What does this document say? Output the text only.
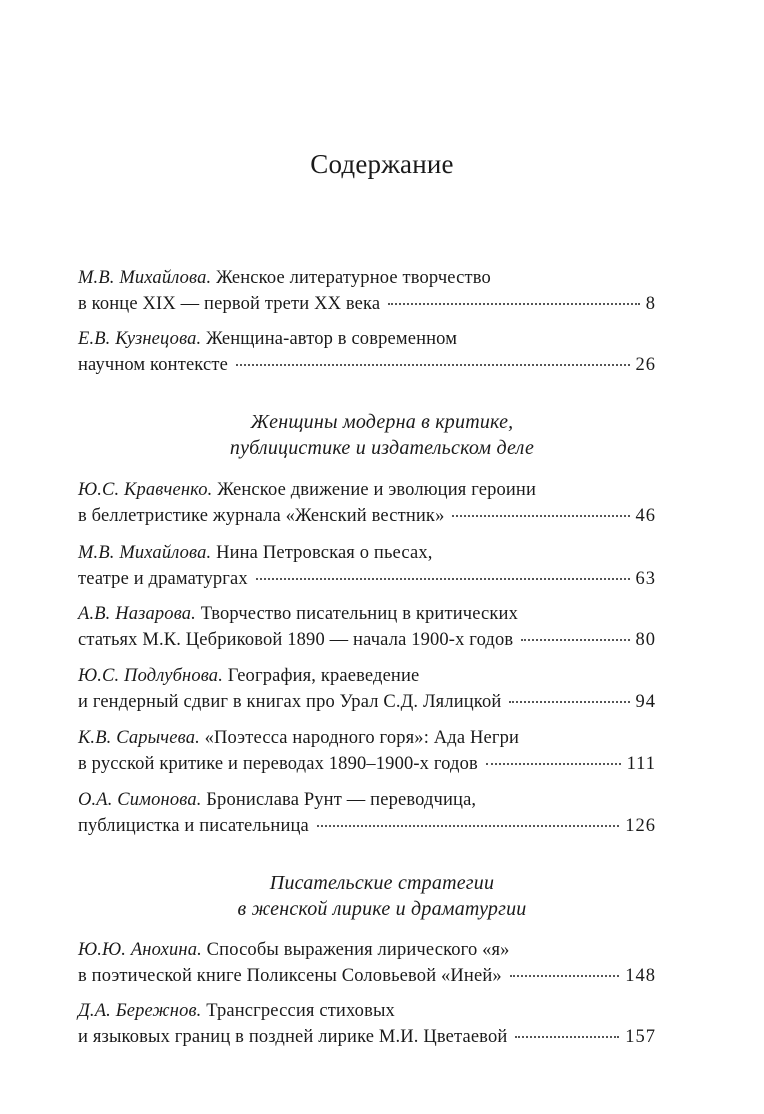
Содержание
М.В. Михайлова. Женское литературное творчество
в конце XIX — первой трети XX века	8
Е.В. Кузнецова. Женщина-автор в современном
научном контексте	26
Женщины модерна в критике,
публицистике и издательском деле
Ю.С. Кравченко. Женское движение и эволюция героини
в беллетристике журнала «Женский вестник»	46
М.В. Михайлова. Нина Петровская о пьесах,
театре и драматургах	63
А.В. Назарова. Творчество писательниц в критических
статьях М.К. Цебриковой 1890 — начала 1900-х годов	80
Ю.С. Подлубнова. География, краеведение
и гендерный сдвиг в книгах про Урал С.Д. Лялицкой	94
К.В. Сарычева. «Поэтесса народного горя»: Ада Негри
в русской критике и переводах 1890–1900-х годов	111
О.А. Симонова. Бронислава Рунт — переводчица,
публицистка и писательница	126
Писательские стратегии
в женской лирике и драматургии
Ю.Ю. Анохина. Способы выражения лирического «я»
в поэтической книге Поликсены Соловьевой «Иней»	148
Д.А. Бережнов. Трансгрессия стиховых
и языковых границ в поздней лирике М.И. Цветаевой	157
